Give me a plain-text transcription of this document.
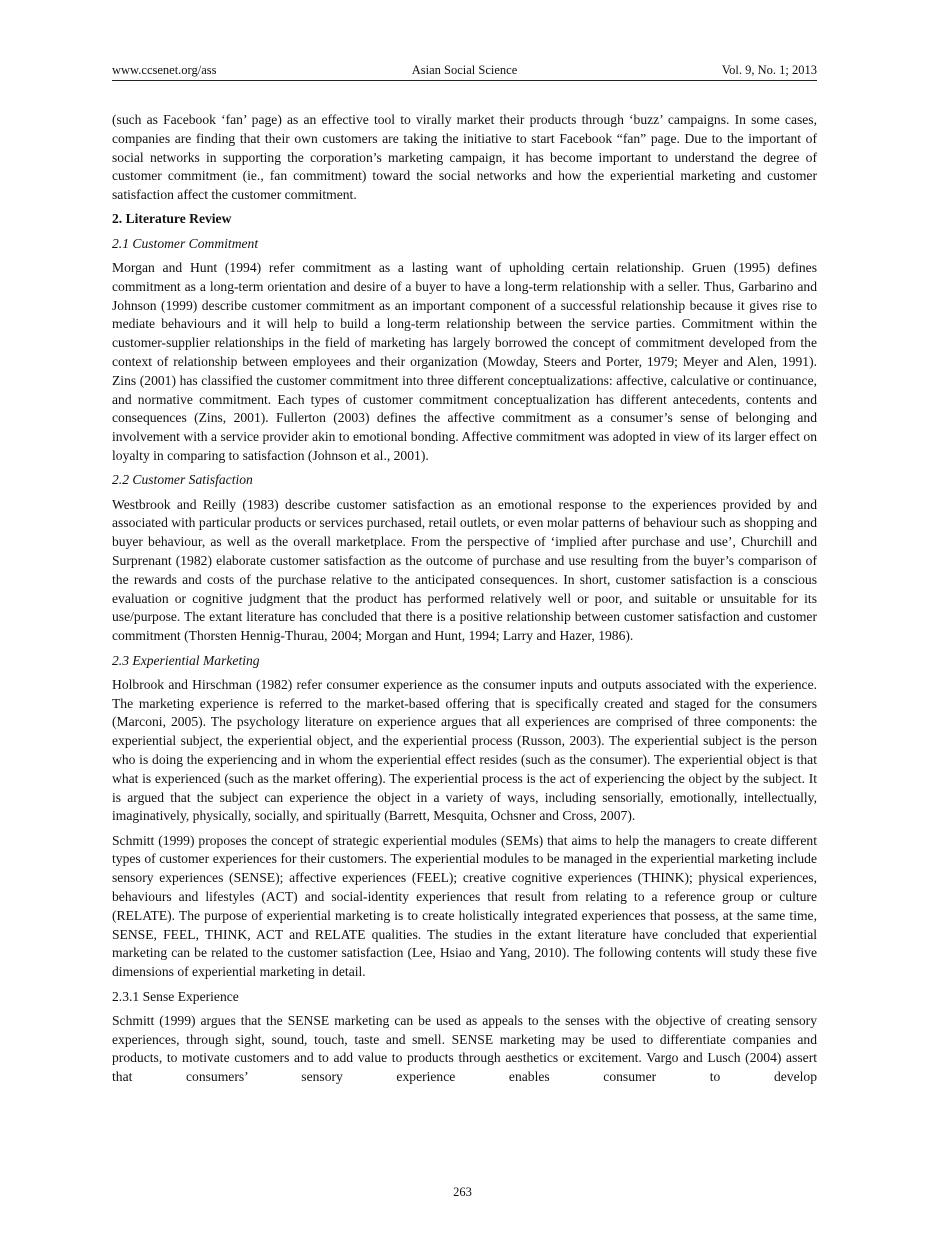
www.ccsenet.org/ass	Asian Social Science	Vol. 9, No. 1; 2013

(such as Facebook ‘fan’ page) as an effective tool to virally market their products through ‘buzz’ campaigns. In some cases, companies are finding that their own customers are taking the initiative to start Facebook “fan” page. Due to the important of social networks in supporting the corporation’s marketing campaign, it has become important to understand the degree of customer commitment (ie., fan commitment) toward the social networks and how the experiential marketing and customer satisfaction affect the customer commitment.

2. Literature Review
2.1 Customer Commitment

Morgan and Hunt (1994) refer commitment as a lasting want of upholding certain relationship. Gruen (1995) defines commitment as a long-term orientation and desire of a buyer to have a long-term relationship with a seller. Thus, Garbarino and Johnson (1999) describe customer commitment as an important component of a successful relationship because it gives rise to mediate behaviours and it will help to build a long-term relationship between the service parties. Commitment within the customer-supplier relationships in the field of marketing has largely borrowed the concept of commitment developed from the context of relationship between employees and their organization (Mowday, Steers and Porter, 1979; Meyer and Alen, 1991). Zins (2001) has classified the customer commitment into three different conceptualizations: affective, calculative or continuance, and normative commitment. Each types of customer commitment conceptualization has different antecedents, contents and consequences (Zins, 2001). Fullerton (2003) defines the affective commitment as a consumer’s sense of belonging and involvement with a service provider akin to emotional bonding. Affective commitment was adopted in view of its larger effect on loyalty in comparing to satisfaction (Johnson et al., 2001).

2.2 Customer Satisfaction

Westbrook and Reilly (1983) describe customer satisfaction as an emotional response to the experiences provided by and associated with particular products or services purchased, retail outlets, or even molar patterns of behaviour such as shopping and buyer behaviour, as well as the overall marketplace. From the perspective of ‘implied after purchase and use’, Churchill and Surprenant (1982) elaborate customer satisfaction as the outcome of purchase and use resulting from the buyer’s comparison of the rewards and costs of the purchase relative to the anticipated consequences. In short, customer satisfaction is a conscious evaluation or cognitive judgment that the product has performed relatively well or poor, and suitable or unsuitable for its use/purpose. The extant literature has concluded that there is a positive relationship between customer satisfaction and customer commitment (Thorsten Hennig-Thurau, 2004; Morgan and Hunt, 1994; Larry and Hazer, 1986).

2.3 Experiential Marketing

Holbrook and Hirschman (1982) refer consumer experience as the consumer inputs and outputs associated with the experience. The marketing experience is referred to the market-based offering that is specifically created and staged for the consumers (Marconi, 2005). The psychology literature on experience argues that all experiences are comprised of three components: the experiential subject, the experiential object, and the experiential process (Russon, 2003). The experiential subject is the person who is doing the experiencing and in whom the experiential effect resides (such as the consumer). The experiential object is that what is experienced (such as the market offering). The experiential process is the act of experiencing the object by the subject. It is argued that the subject can experience the object in a variety of ways, including sensorially, emotionally, intellectually, imaginatively, physically, socially, and spiritually (Barrett, Mesquita, Ochsner and Cross, 2007).

Schmitt (1999) proposes the concept of strategic experiential modules (SEMs) that aims to help the managers to create different types of customer experiences for their customers. The experiential modules to be managed in the experiential marketing include sensory experiences (SENSE); affective experiences (FEEL); creative cognitive experiences (THINK); physical experiences, behaviours and lifestyles (ACT) and social-identity experiences that result from relating to a reference group or culture (RELATE). The purpose of experiential marketing is to create holistically integrated experiences that possess, at the same time, SENSE, FEEL, THINK, ACT and RELATE qualities. The studies in the extant literature have concluded that experiential marketing can be related to the customer satisfaction (Lee, Hsiao and Yang, 2010). The following contents will study these five dimensions of experiential marketing in detail.

2.3.1 Sense Experience

Schmitt (1999) argues that the SENSE marketing can be used as appeals to the senses with the objective of creating sensory experiences, through sight, sound, touch, taste and smell. SENSE marketing may be used to differentiate companies and products, to motivate customers and to add value to products through aesthetics or excitement. Vargo and Lusch (2004) assert that consumers’ sensory experience enables consumer to develop

263
